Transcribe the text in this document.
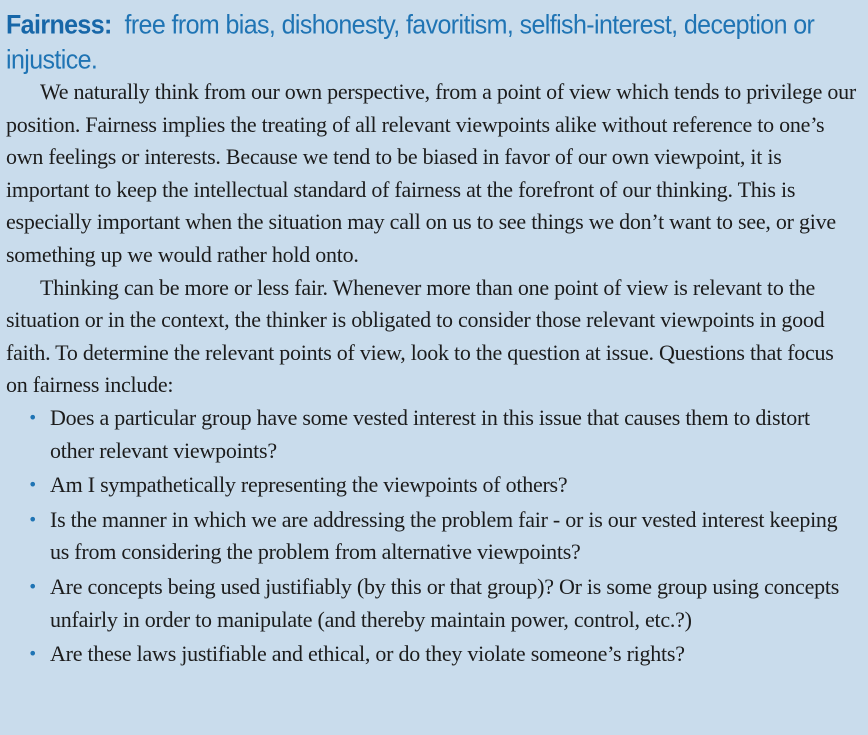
Fairness: free from bias, dishonesty, favoritism, selfish-interest, deception or injustice.

We naturally think from our own perspective, from a point of view which tends to privilege our position. Fairness implies the treating of all relevant viewpoints alike without reference to one’s own feelings or interests. Because we tend to be biased in favor of our own viewpoint, it is important to keep the intellectual standard of fairness at the forefront of our thinking. This is especially important when the situation may call on us to see things we don’t want to see, or give something up we would rather hold onto.

Thinking can be more or less fair. Whenever more than one point of view is relevant to the situation or in the context, the thinker is obligated to consider those relevant viewpoints in good faith. To determine the relevant points of view, look to the question at issue. Questions that focus on fairness include:

• Does a particular group have some vested interest in this issue that causes them to distort other relevant viewpoints?
• Am I sympathetically representing the viewpoints of others?
• Is the manner in which we are addressing the problem fair - or is our vested interest keeping us from considering the problem from alternative viewpoints?
• Are concepts being used justifiably (by this or that group)? Or is some group using concepts unfairly in order to manipulate (and thereby maintain power, control, etc.?)
• Are these laws justifiable and ethical, or do they violate someone’s rights?
